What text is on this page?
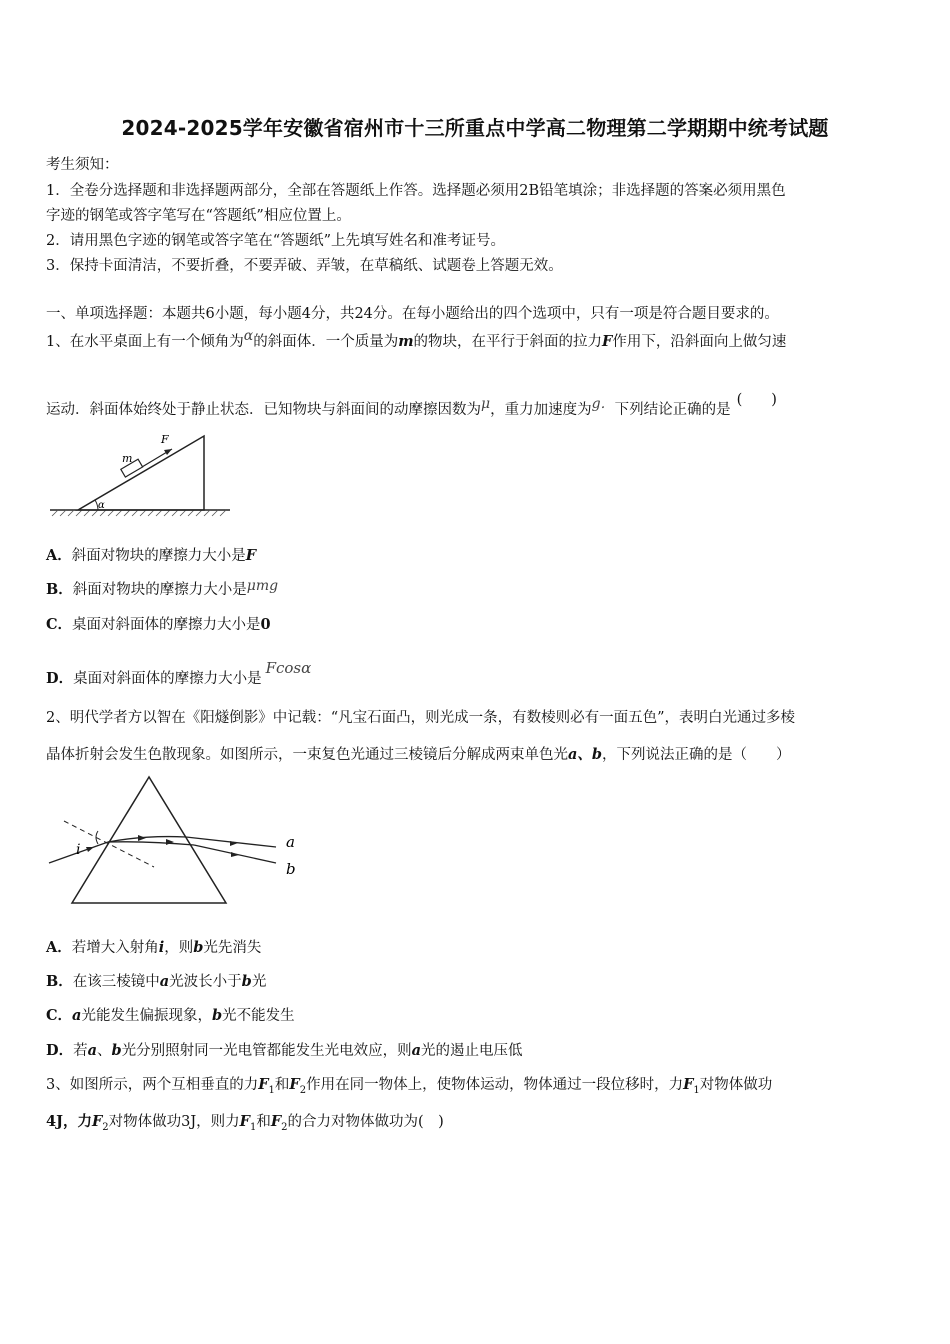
2024-2025学年安徽省宿州市十三所重点中学高二物理第二学期期中统考试题
考生须知：
1．全卷分选择题和非选择题两部分，全部在答题纸上作答。选择题必须用2B铅笔填涂；非选择题的答案必须用黑色
字迹的钢笔或答字笔写在“答题纸”相应位置上。
2．请用黑色字迹的钢笔或答字笔在“答题纸”上先填写姓名和准考证号。
3．保持卡面清洁，不要折叠，不要弄破、弄皱，在草稿纸、试题卷上答题无效。
一、单项选择题：本题共6小题，每小题4分，共24分。在每小题给出的四个选项中，只有一项是符合题目要求的。
1、在水平桌面上有一个倾角为α的斜面体．一个质量为m的物块，在平行于斜面的拉力F作用下，沿斜面向上做匀速
运动．斜面体始终处于静止状态．已知物块与斜面间的动摩擦因数为μ，重力加速度为g．下列结论正确的是(　　)
F
m
α
A．斜面对物块的摩擦力大小是F
B．斜面对物块的摩擦力大小是μmg
C．桌面对斜面体的摩擦力大小是0
D．桌面对斜面体的摩擦力大小是Fcosα
2、明代学者方以智在《阳燧倒影》中记载：“凡宝石面凸，则光成一条，有数棱则必有一面五色”，表明白光通过多棱
晶体折射会发生色散现象。如图所示，一束复色光通过三棱镜后分解成两束单色光a、b，下列说法正确的是（　　）
i	a
b
A．若增大入射角i，则b光先消失
B．在该三棱镜中a光波长小于b光
C．a光能发生偏振现象，b光不能发生
D．若a、b光分别照射同一光电管都能发生光电效应，则a光的遏止电压低
3、如图所示，两个互相垂直的力$F_1$和$F_2$作用在同一物体上，使物体运动，物体通过一段位移时，力$F_1$对物体做功
4J，力$F_2$对物体做功3J，则力$F_1$和$F_2$的合力对物体做功为(　)
